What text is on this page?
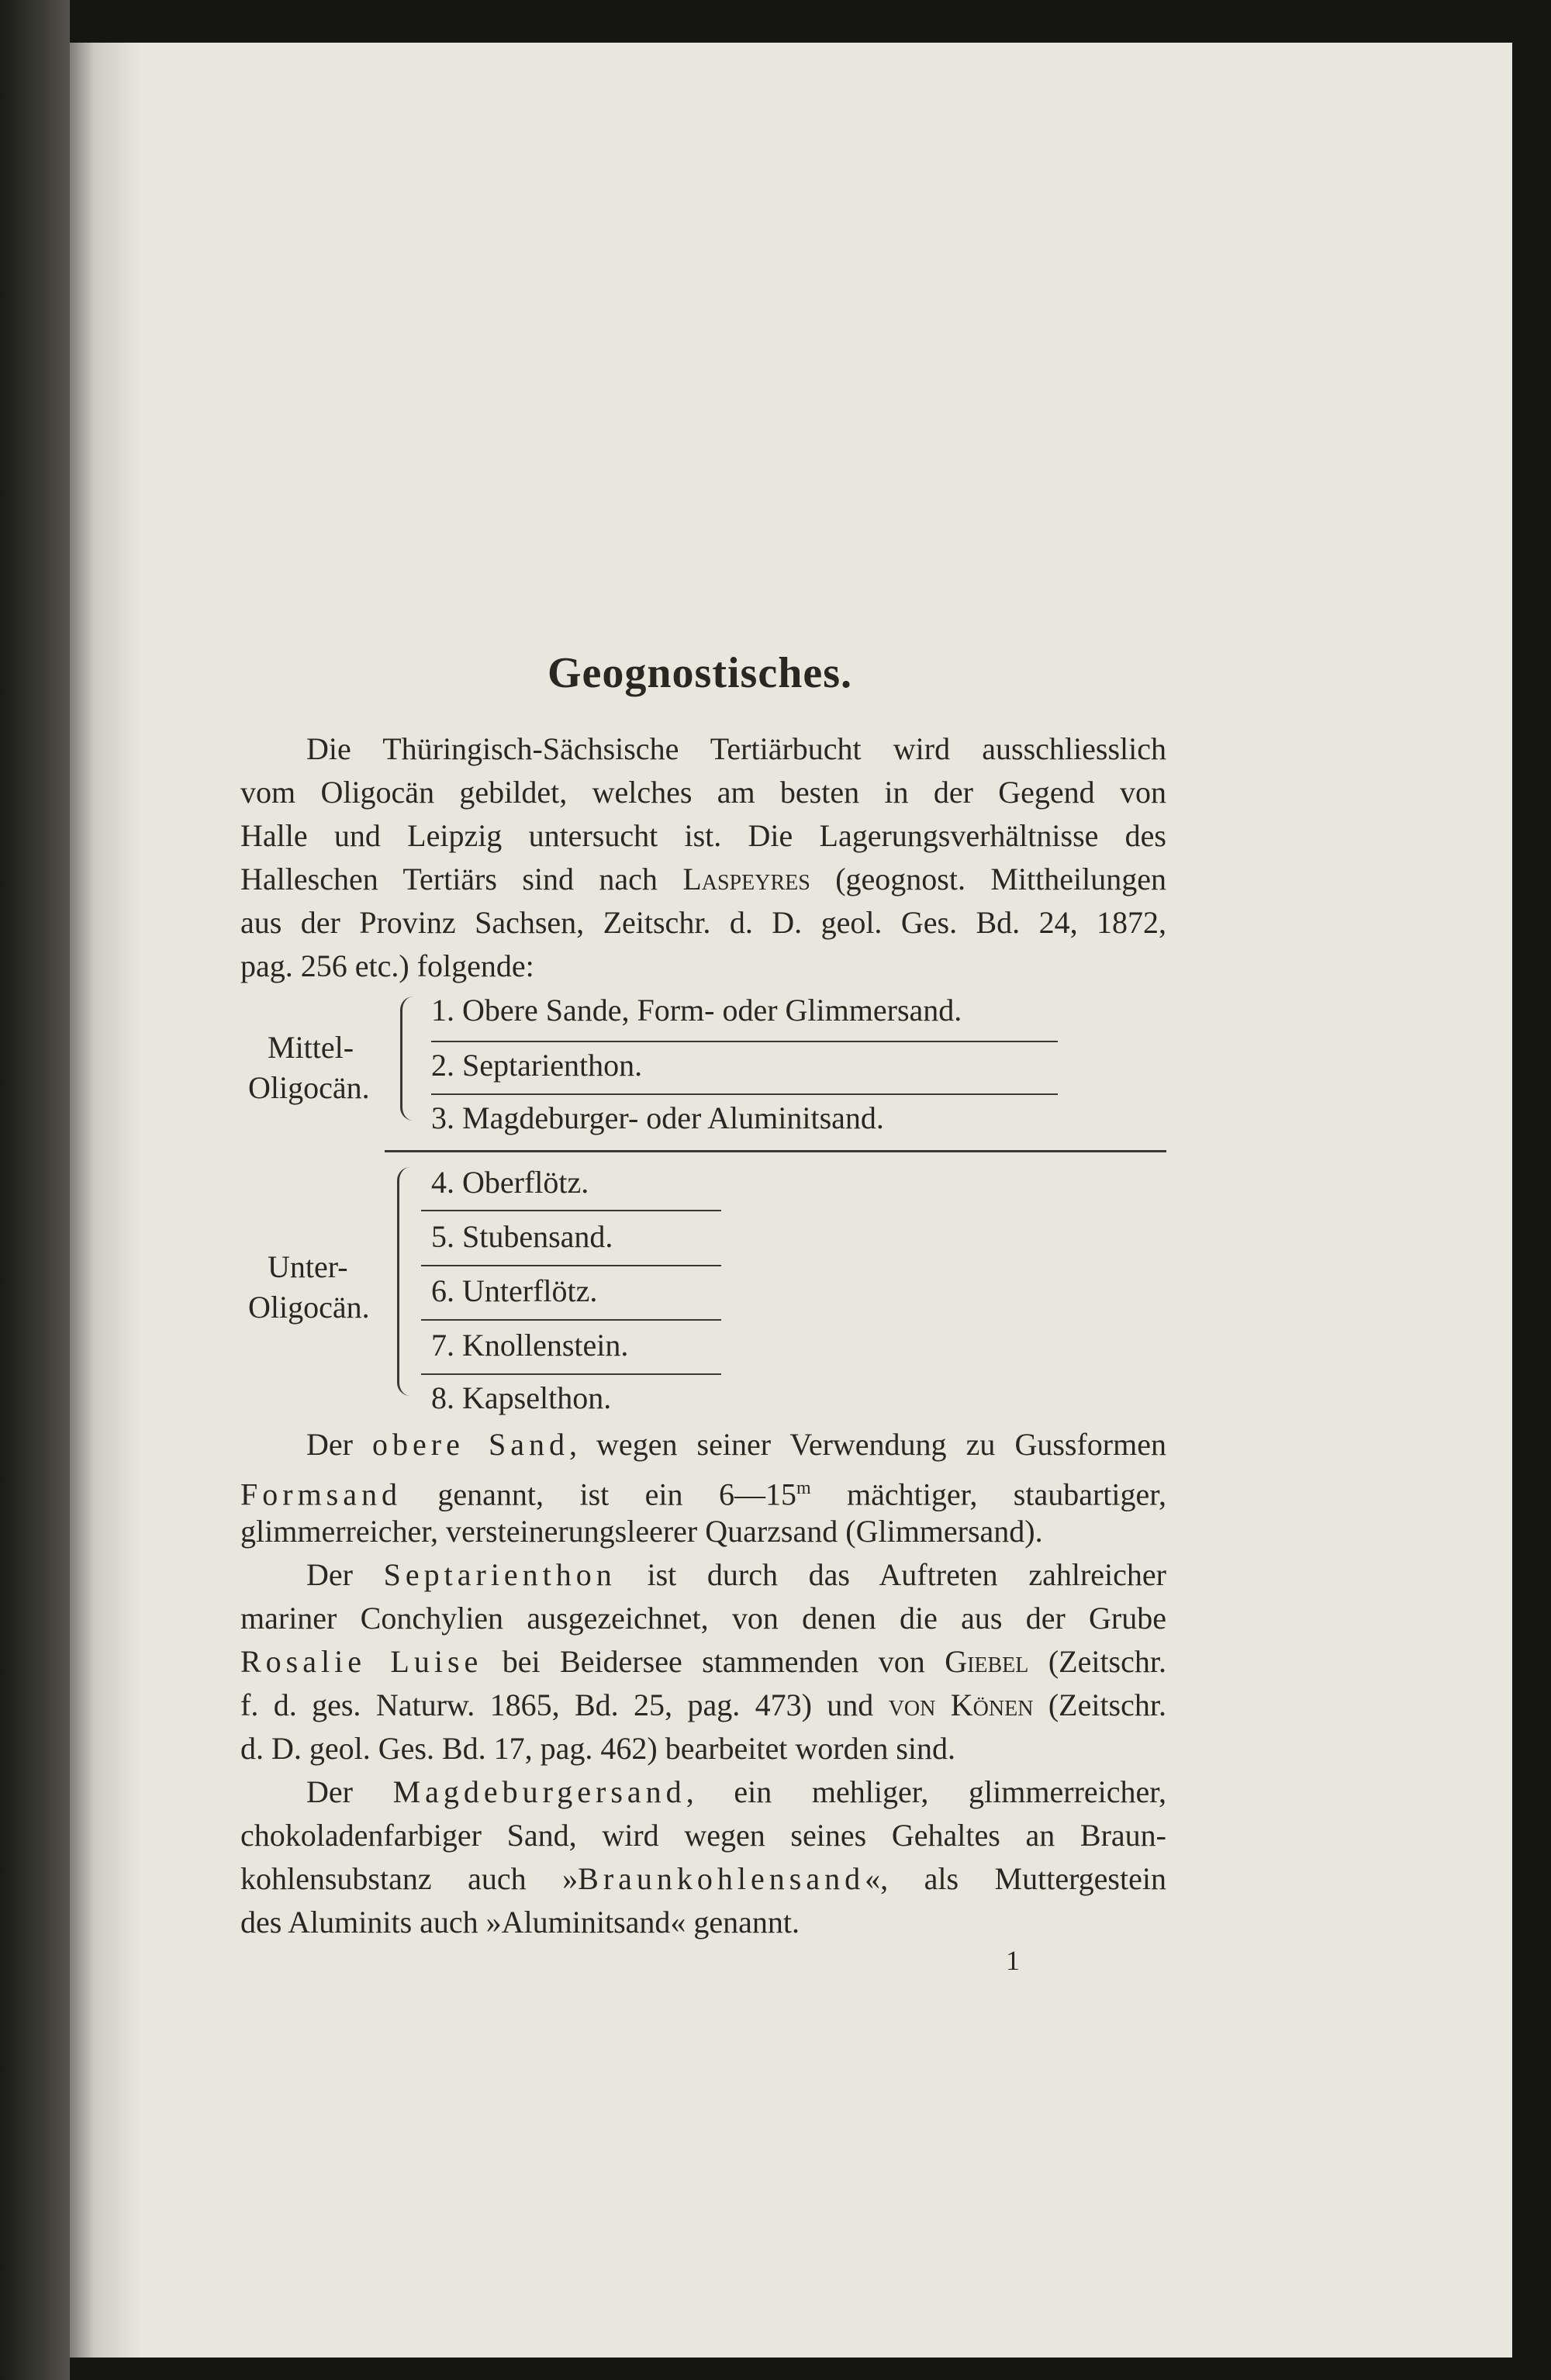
Geognostisches.
Die Thüringisch-Sächsische Tertiärbucht wird ausschliesslich
vom Oligocän gebildet, welches am besten in der Gegend von
Halle und Leipzig untersucht ist. Die Lagerungsverhältnisse des
Halleschen Tertiärs sind nach Laspeyres (geognost. Mittheilungen
aus der Provinz Sachsen, Zeitschr. d. D. geol. Ges. Bd. 24, 1872,
pag. 256 etc.) folgende:
Mittel-
Oligocän.
1. Obere Sande, Form- oder Glimmersand.
2. Septarienthon.
3. Magdeburger- oder Aluminitsand.
Unter-
Oligocän.
4. Oberflötz.
5. Stubensand.
6. Unterflötz.
7. Knollenstein.
8. Kapselthon.
Der obere Sand, wegen seiner Verwendung zu Gussformen
Formsand genannt, ist ein 6—15$^m$ mächtiger, staubartiger,
glimmerreicher, versteinerungsleerer Quarzsand (Glimmersand).
Der Septarienthon ist durch das Auftreten zahlreicher
mariner Conchylien ausgezeichnet, von denen die aus der Grube
Rosalie Luise bei Beidersee stammenden von Giebel (Zeitschr.
f. d. ges. Naturw. 1865, Bd. 25, pag. 473) und von Könen (Zeitschr.
d. D. geol. Ges. Bd. 17, pag. 462) bearbeitet worden sind.
Der Magdeburgersand, ein mehliger, glimmerreicher,
chokoladenfarbiger Sand, wird wegen seines Gehaltes an Braun-
kohlensubstanz auch »Braunkohlensand«, als Muttergestein
des Aluminits auch »Aluminitsand« genannt.
1
